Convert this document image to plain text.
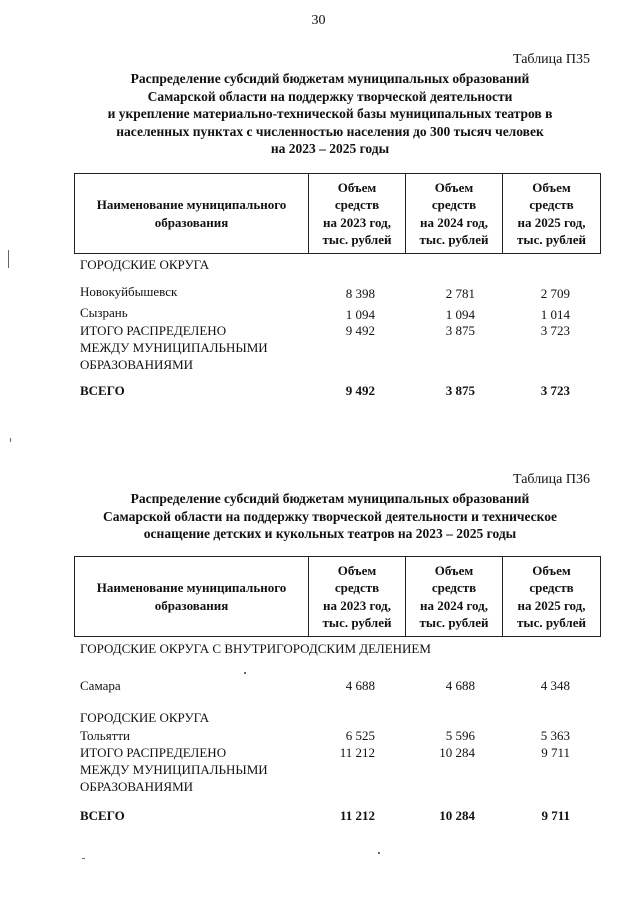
30
Таблица П35
Распределение субсидий бюджетам муниципальных образований
Самарской области на поддержку творческой деятельности
и укрепление материально-технической базы муниципальных театров в
населенных пунктах с численностью населения до 300 тысяч человек
на 2023 – 2025 годы
Наименование муниципального
образования

Объем
средств
на 2023 год,
тыс. рублей

Объем
средств
на 2024 год,
тыс. рублей

Объем
средств
на 2025 год,
тыс. рублей
ГОРОДСКИЕ ОКРУГА
Новокуйбышевск	8 398	2 781	2 709
Сызрань	1 094	1 094	1 014
ИТОГО РАСПРЕДЕЛЕНО
МЕЖДУ МУНИЦИПАЛЬНЫМИ
ОБРАЗОВАНИЯМИ
9 492	3 875	3 723
ВСЕГО	9 492	3 875	3 723
Таблица П36
Распределение субсидий бюджетам муниципальных образований
Самарской области на поддержку творческой деятельности и техническое
оснащение детских и кукольных театров на 2023 – 2025 годы
Наименование муниципального
образования

Объем
средств
на 2023 год,
тыс. рублей

Объем
средств
на 2024 год,
тыс. рублей

Объем
средств
на 2025 год,
тыс. рублей
ГОРОДСКИЕ ОКРУГА С ВНУТРИГОРОДСКИМ ДЕЛЕНИЕМ
Самара	4 688	4 688	4 348
ГОРОДСКИЕ ОКРУГА
Тольятти	6 525	5 596	5 363
ИТОГО РАСПРЕДЕЛЕНО
МЕЖДУ МУНИЦИПАЛЬНЫМИ
ОБРАЗОВАНИЯМИ
11 212	10 284	9 711
ВСЕГО	11 212	10 284	9 711
